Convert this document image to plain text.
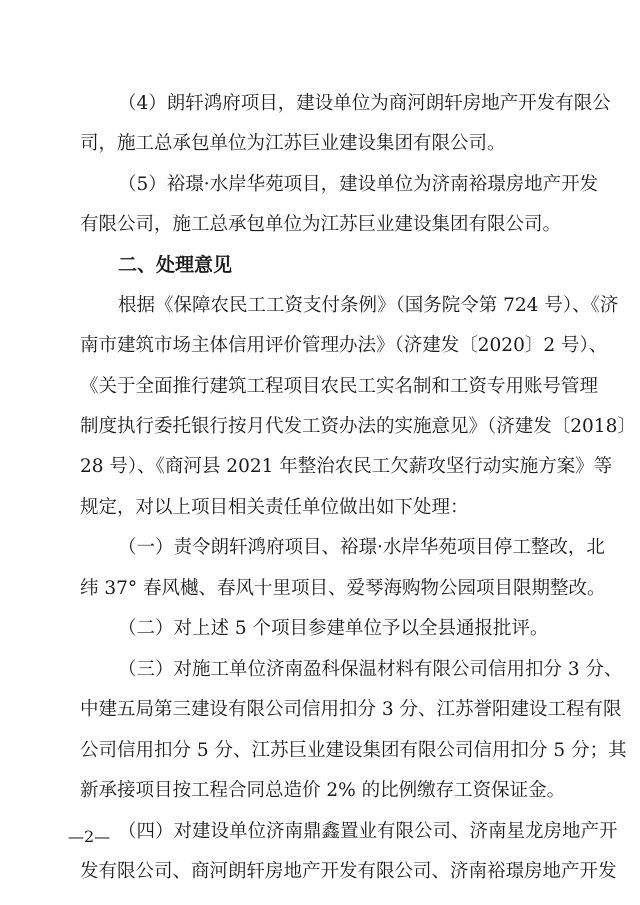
（4）朗轩鸿府项目，建设单位为商河朗轩房地产开发有限公
司，施工总承包单位为江苏巨业建设集团有限公司。
（5）裕璟·水岸华苑项目，建设单位为济南裕璟房地产开发
有限公司，施工总承包单位为江苏巨业建设集团有限公司。
二、处理意见
根据《保障农民工工资支付条例》（国务院令第 724 号）、《济
南市建筑市场主体信用评价管理办法》（济建发〔2020〕2 号）、
《关于全面推行建筑工程项目农民工实名制和工资专用账号管理
制度执行委托银行按月代发工资办法的实施意见》（济建发〔2018〕
28 号）、《商河县 2021 年整治农民工欠薪攻坚行动实施方案》等
规定，对以上项目相关责任单位做出如下处理：
（一）责令朗轩鸿府项目、裕璟·水岸华苑项目停工整改，北
纬 37° 春风樾、春风十里项目、爱琴海购物公园项目限期整改。
（二）对上述 5 个项目参建单位予以全县通报批评。
（三）对施工单位济南盈科保温材料有限公司信用扣分 3 分、
中建五局第三建设有限公司信用扣分 3 分、江苏誉阳建设工程有限
公司信用扣分 5 分、江苏巨业建设集团有限公司信用扣分 5 分；其
新承接项目按工程合同总造价 2% 的比例缴存工资保证金。
（四）对建设单位济南鼎鑫置业有限公司、济南星龙房地产开
发有限公司、商河朗轩房地产开发有限公司、济南裕璟房地产开发
—2—
